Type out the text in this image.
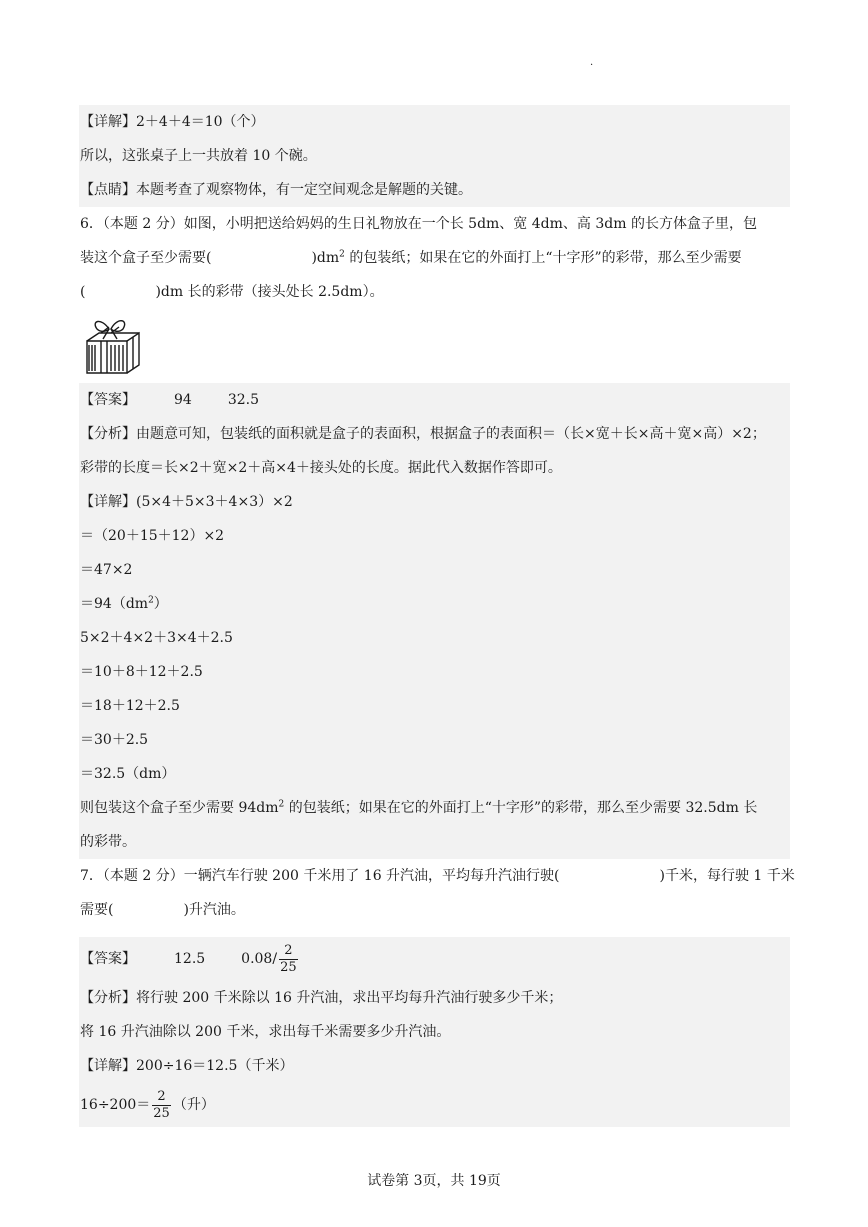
.
【详解】2＋4＋4＝10（个）
所以，这张桌子上一共放着 10 个碗。
【点睛】本题考查了观察物体，有一定空间观念是解题的关键。
6．（本题 2 分）如图，小明把送给妈妈的生日礼物放在一个长 5dm、宽 4dm、高 3dm 的长方体盒子里，包
装这个盒子至少需要(	)$dm^2$ 的包装纸；如果在它的外面打上“十字形”的彩带，那么至少需要
(	)dm 长的彩带（接头处长 2.5dm）。
【答案】	94	32.5
【分析】由题意可知，包装纸的面积就是盒子的表面积，根据盒子的表面积＝（长×宽＋长×高＋宽×高）×2；
彩带的长度＝长×2＋宽×2＋高×4＋接头处的长度。据此代入数据作答即可。
【详解】(5×4＋5×3＋4×3）×2
＝（20＋15＋12）×2
＝47×2
$=94(dm^2)$
5×2＋4×2＋3×4＋2.5
＝10＋8＋12＋2.5
＝18＋12＋2.5
＝30＋2.5
＝32.5（dm）
则包装这个盒子至少需要 $94dm^2$ 的包装纸；如果在它的外面打上“十字形”的彩带，那么至少需要 32.5dm 长
的彩带。
7．（本题 2 分）一辆汽车行驶 200 千米用了 16 升汽油，平均每升汽油行驶(	)千米，每行驶 1 千米
需要(	)升汽油。
【答案】	12.5	$0.08/ \frac{2}{25}$
【分析】将行驶 200 千米除以 16 升汽油，求出平均每升汽油行驶多少千米；
将 16 升汽油除以 200 千米，求出每千米需要多少升汽油。
【详解】200÷16＝12.5（千米）
$16\div 200= \frac{2}{25}$ （升）
试卷第 3页，共 19页
